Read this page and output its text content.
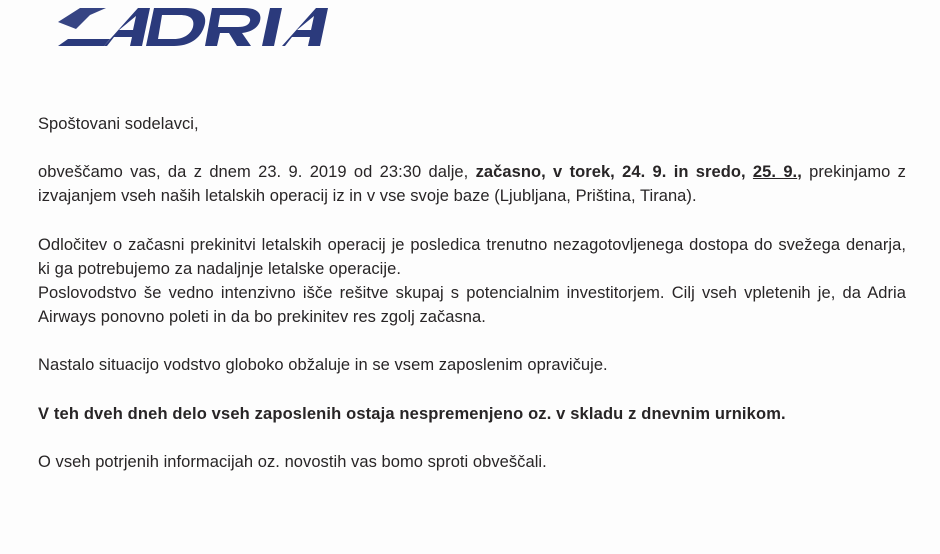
Spoštovani sodelavci,

obveščamo vas, da z dnem 23. 9. 2019 od 23:30 dalje, začasno, v torek, 24. 9. in sredo, 25. 9., prekinjamo z izvajanjem vseh naših letalskih operacij iz in v vse svoje baze (Ljubljana, Priština, Tirana).

Odločitev o začasni prekinitvi letalskih operacij je posledica trenutno nezagotovljenega dostopa do svežega denarja, ki ga potrebujemo za nadaljnje letalske operacije.

Poslovodstvo še vedno intenzivno išče rešitve skupaj s potencialnim investitorjem. Cilj vseh vpletenih je, da Adria Airways ponovno poleti in da bo prekinitev res zgolj začasna.

Nastalo situacijo vodstvo globoko obžaluje in se vsem zaposlenim opravičuje.

V teh dveh dneh delo vseh zaposlenih ostaja nespremenjeno oz. v skladu z dnevnim urnikom.

O vseh potrjenih informacijah oz. novostih vas bomo sproti obveščali.
